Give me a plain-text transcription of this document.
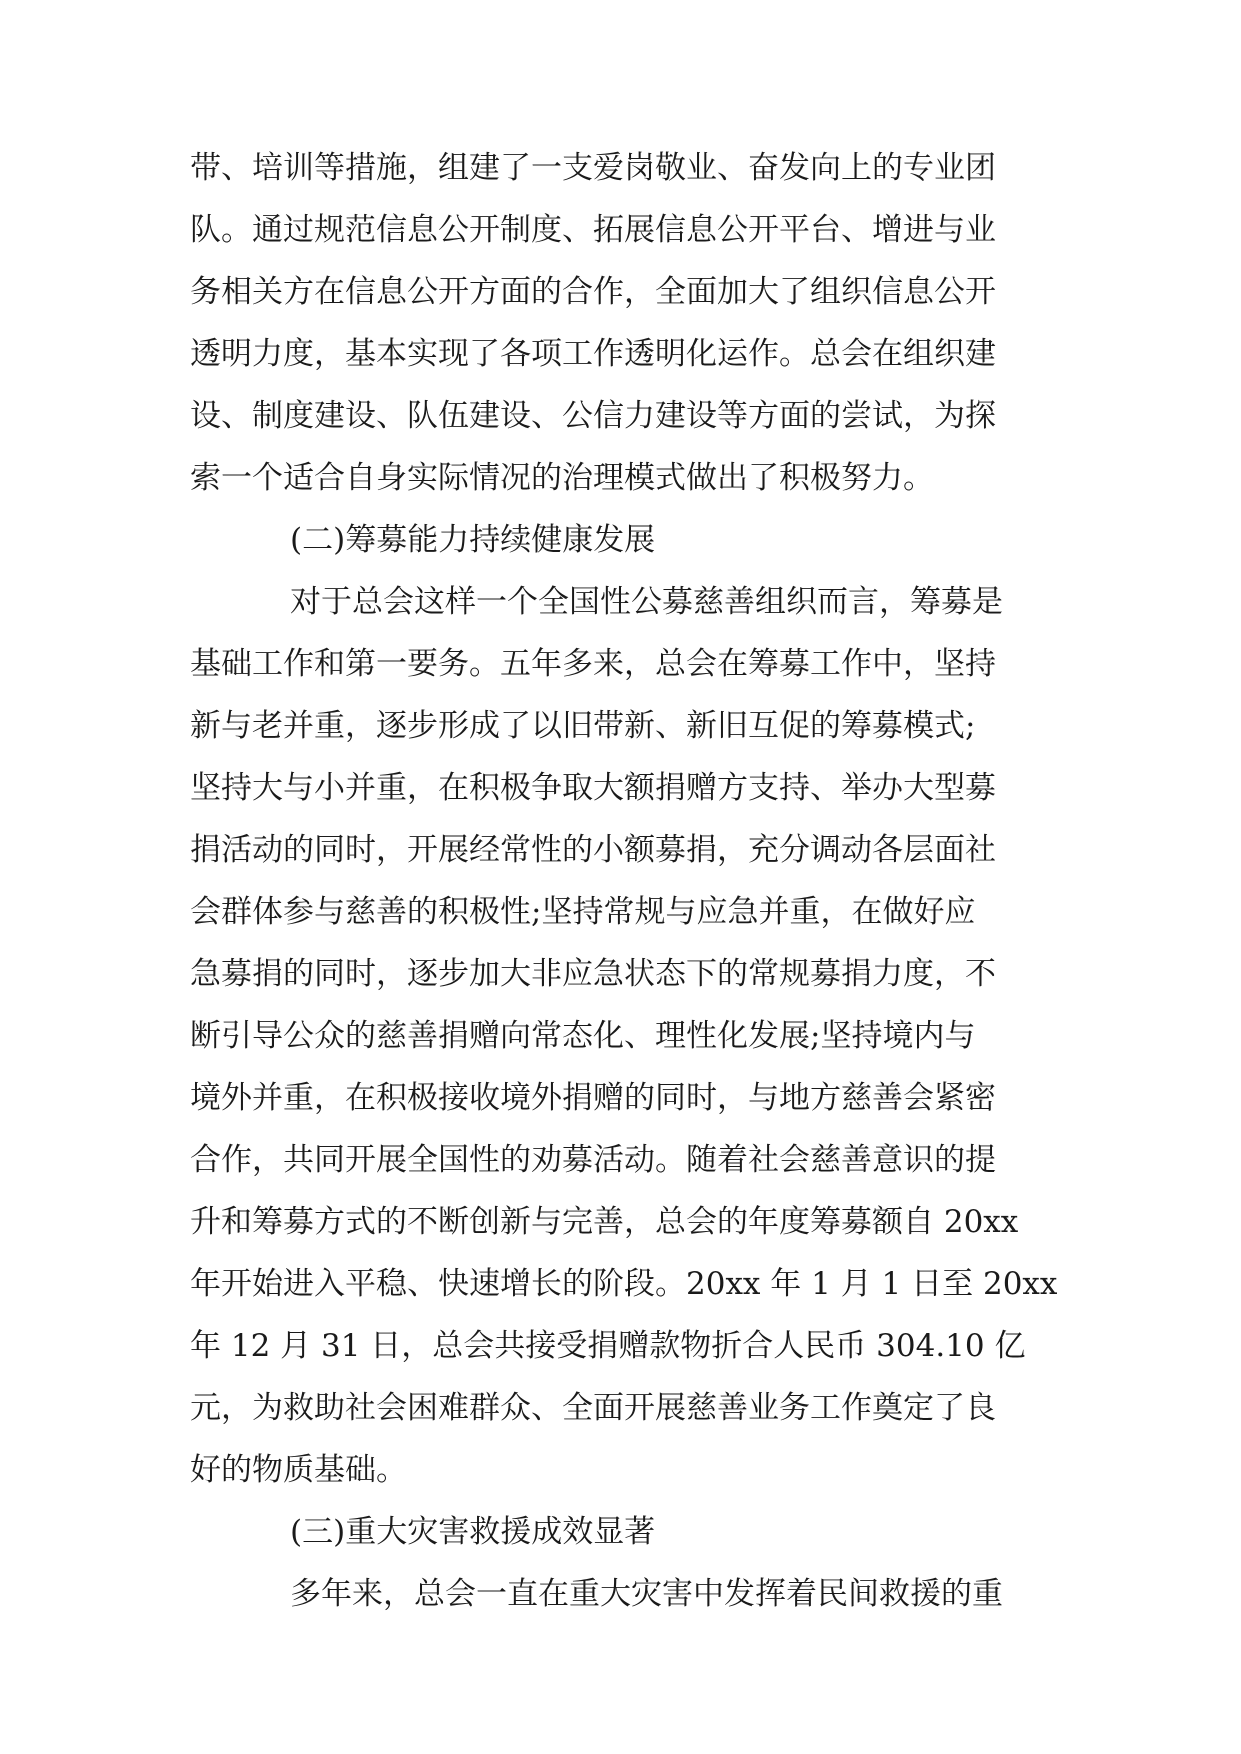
带、培训等措施，组建了一支爱岗敬业、奋发向上的专业团
队。通过规范信息公开制度、拓展信息公开平台、增进与业
务相关方在信息公开方面的合作，全面加大了组织信息公开
透明力度，基本实现了各项工作透明化运作。总会在组织建
设、制度建设、队伍建设、公信力建设等方面的尝试，为探
索一个适合自身实际情况的治理模式做出了积极努力。
(二)筹募能力持续健康发展
对于总会这样一个全国性公募慈善组织而言，筹募是
基础工作和第一要务。五年多来，总会在筹募工作中，坚持
新与老并重，逐步形成了以旧带新、新旧互促的筹募模式;
坚持大与小并重，在积极争取大额捐赠方支持、举办大型募
捐活动的同时，开展经常性的小额募捐，充分调动各层面社
会群体参与慈善的积极性;坚持常规与应急并重，在做好应
急募捐的同时，逐步加大非应急状态下的常规募捐力度，不
断引导公众的慈善捐赠向常态化、理性化发展;坚持境内与
境外并重，在积极接收境外捐赠的同时，与地方慈善会紧密
合作，共同开展全国性的劝募活动。随着社会慈善意识的提
升和筹募方式的不断创新与完善，总会的年度筹募额自 20xx
年开始进入平稳、快速增长的阶段。20xx 年 1 月 1 日至 20xx
年 12 月 31 日，总会共接受捐赠款物折合人民币 304.10 亿
元，为救助社会困难群众、全面开展慈善业务工作奠定了良
好的物质基础。
(三)重大灾害救援成效显著
多年来，总会一直在重大灾害中发挥着民间救援的重
